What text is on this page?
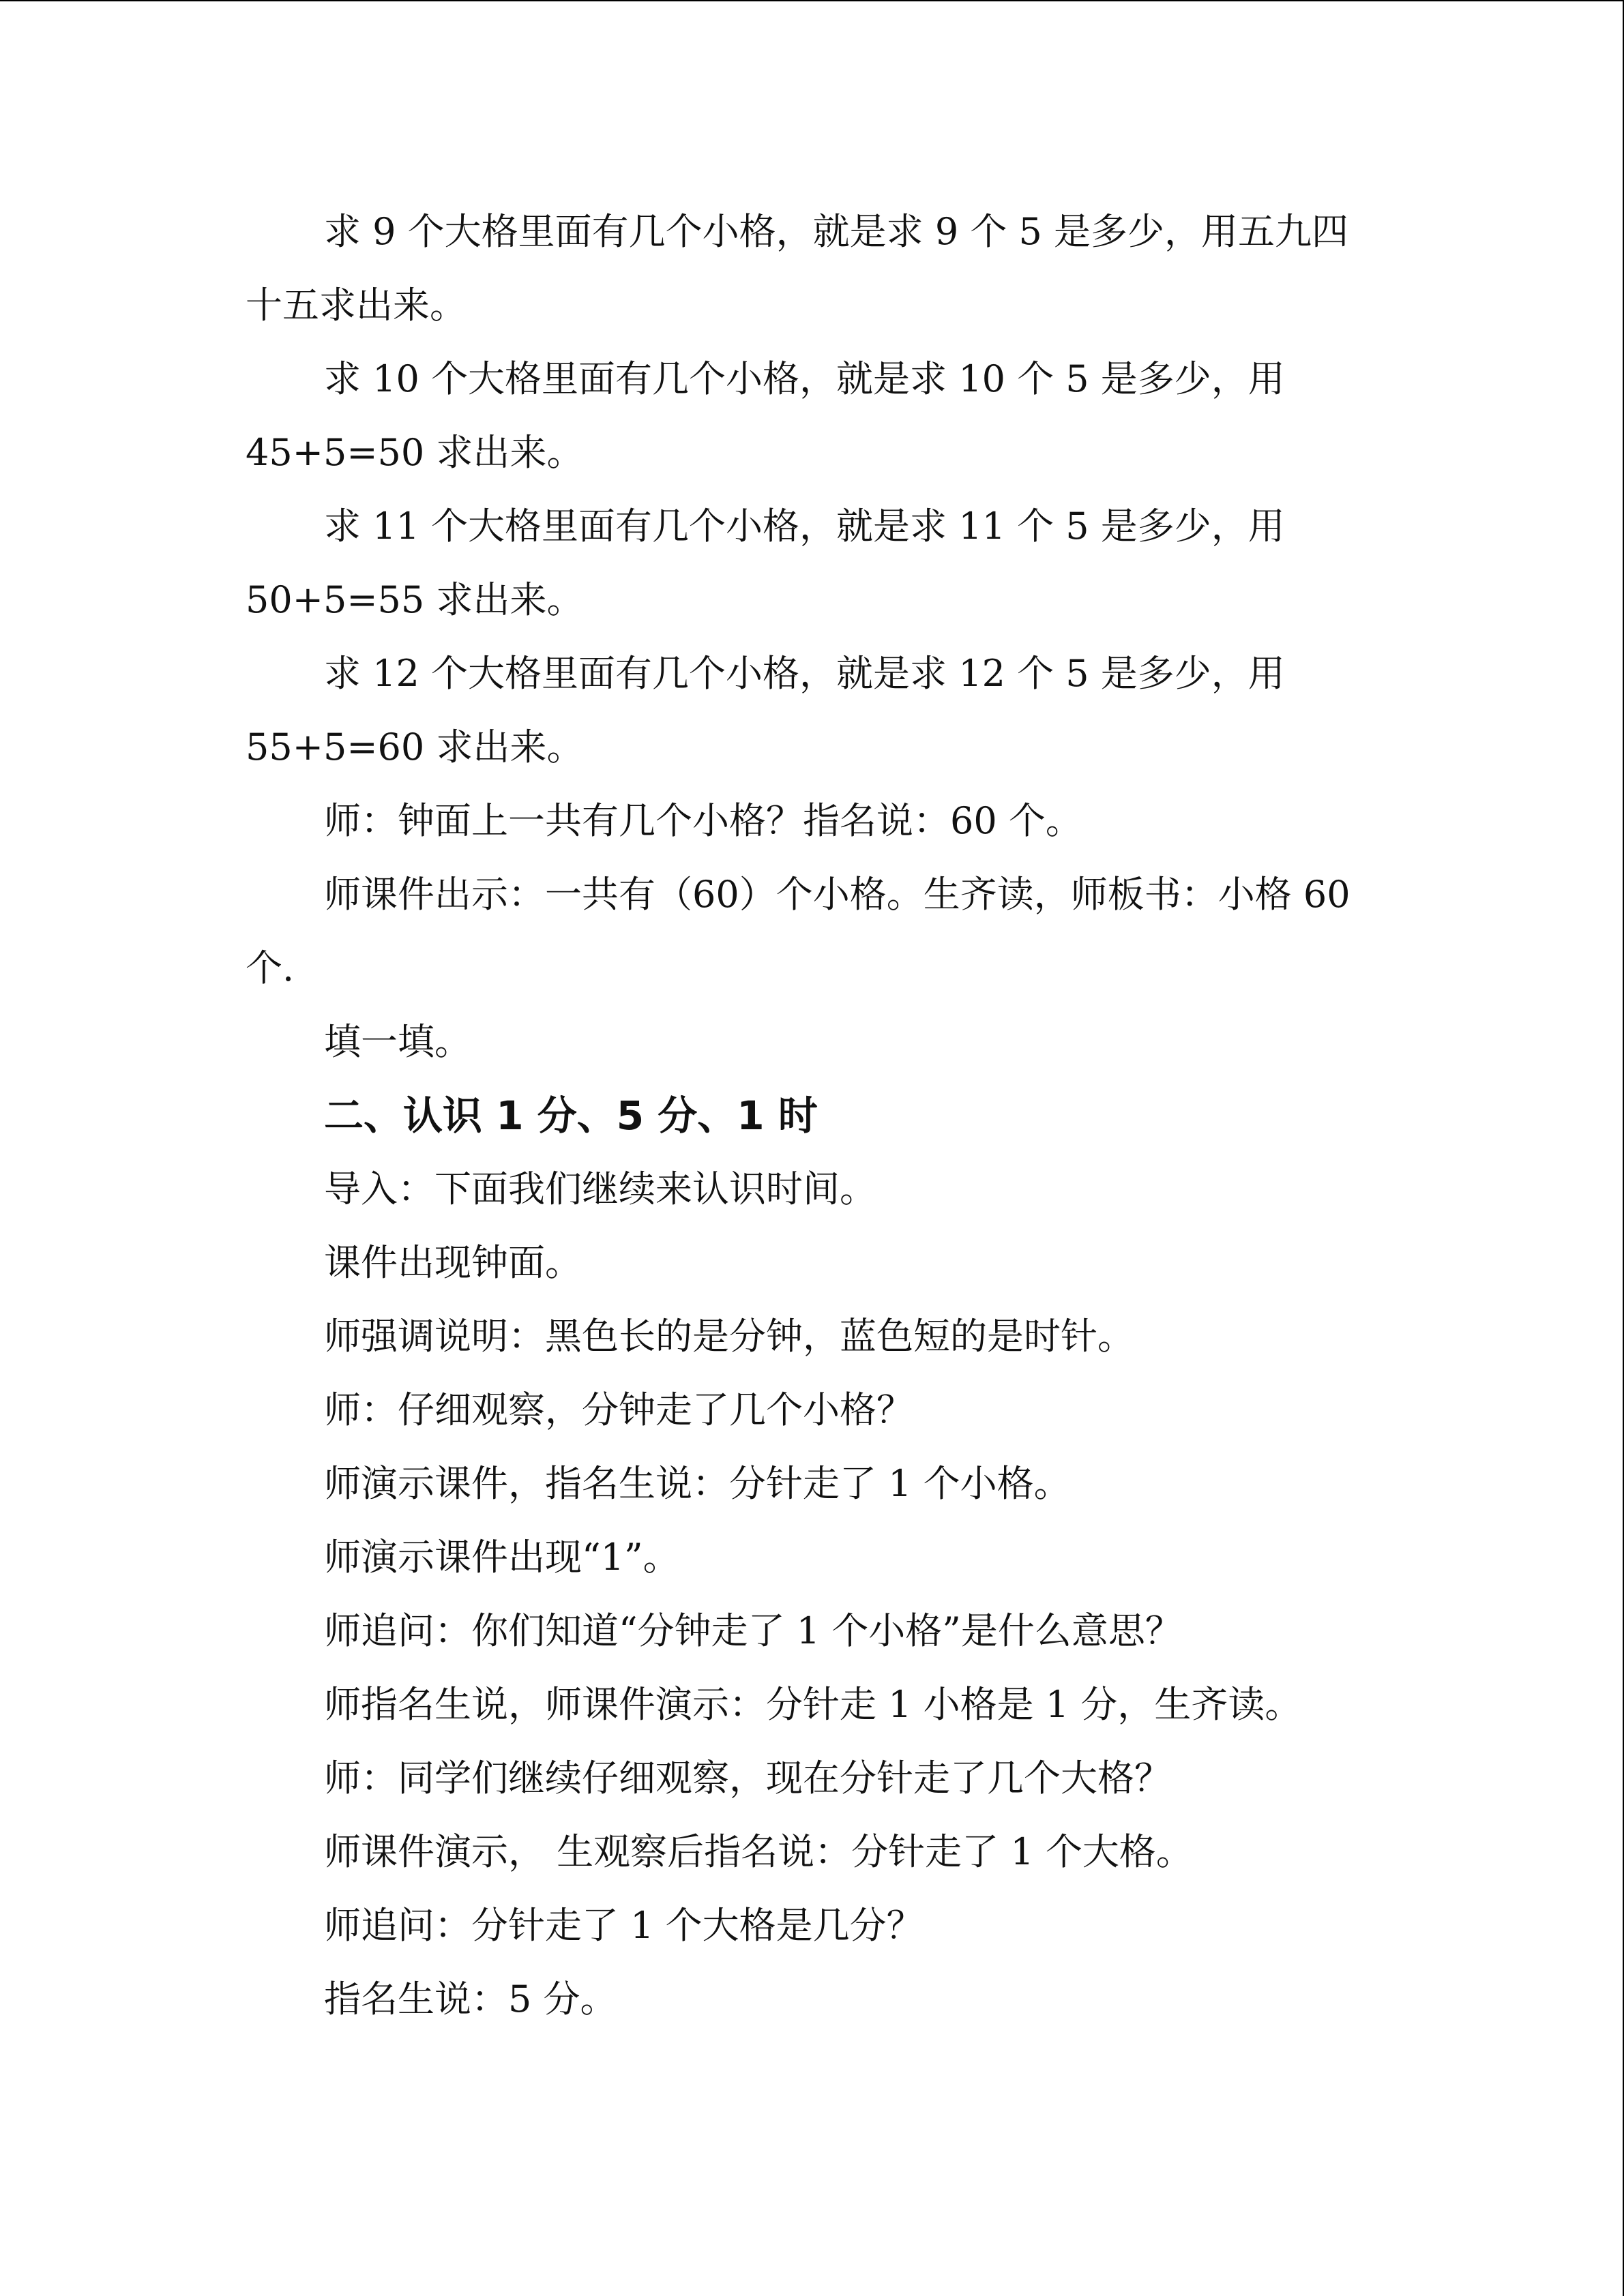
求 9 个大格里面有几个小格，就是求 9 个 5 是多少，用五九四
十五求出来。
求 10 个大格里面有几个小格，就是求 10 个 5 是多少，用
45+5=50 求出来。
求 11 个大格里面有几个小格，就是求 11 个 5 是多少，用
50+5=55 求出来。
求 12 个大格里面有几个小格，就是求 12 个 5 是多少，用
55+5=60 求出来。
师：钟面上一共有几个小格？指名说：60 个。
师课件出示：一共有（60）个小格。生齐读，师板书：小格 60
个.
填一填。
二、认识 1 分、5 分、1 时
导入：下面我们继续来认识时间。
课件出现钟面。
师强调说明：黑色长的是分钟，蓝色短的是时针。
师：仔细观察，分钟走了几个小格？
师演示课件，指名生说：分针走了 1 个小格。
师演示课件出现“1”。
师追问：你们知道“分钟走了 1 个小格”是什么意思？
师指名生说，师课件演示：分针走 1 小格是 1 分，生齐读。
师：同学们继续仔细观察，现在分针走了几个大格？
师课件演示， 生观察后指名说：分针走了 1 个大格。
师追问：分针走了 1 个大格是几分？
指名生说：5 分。
